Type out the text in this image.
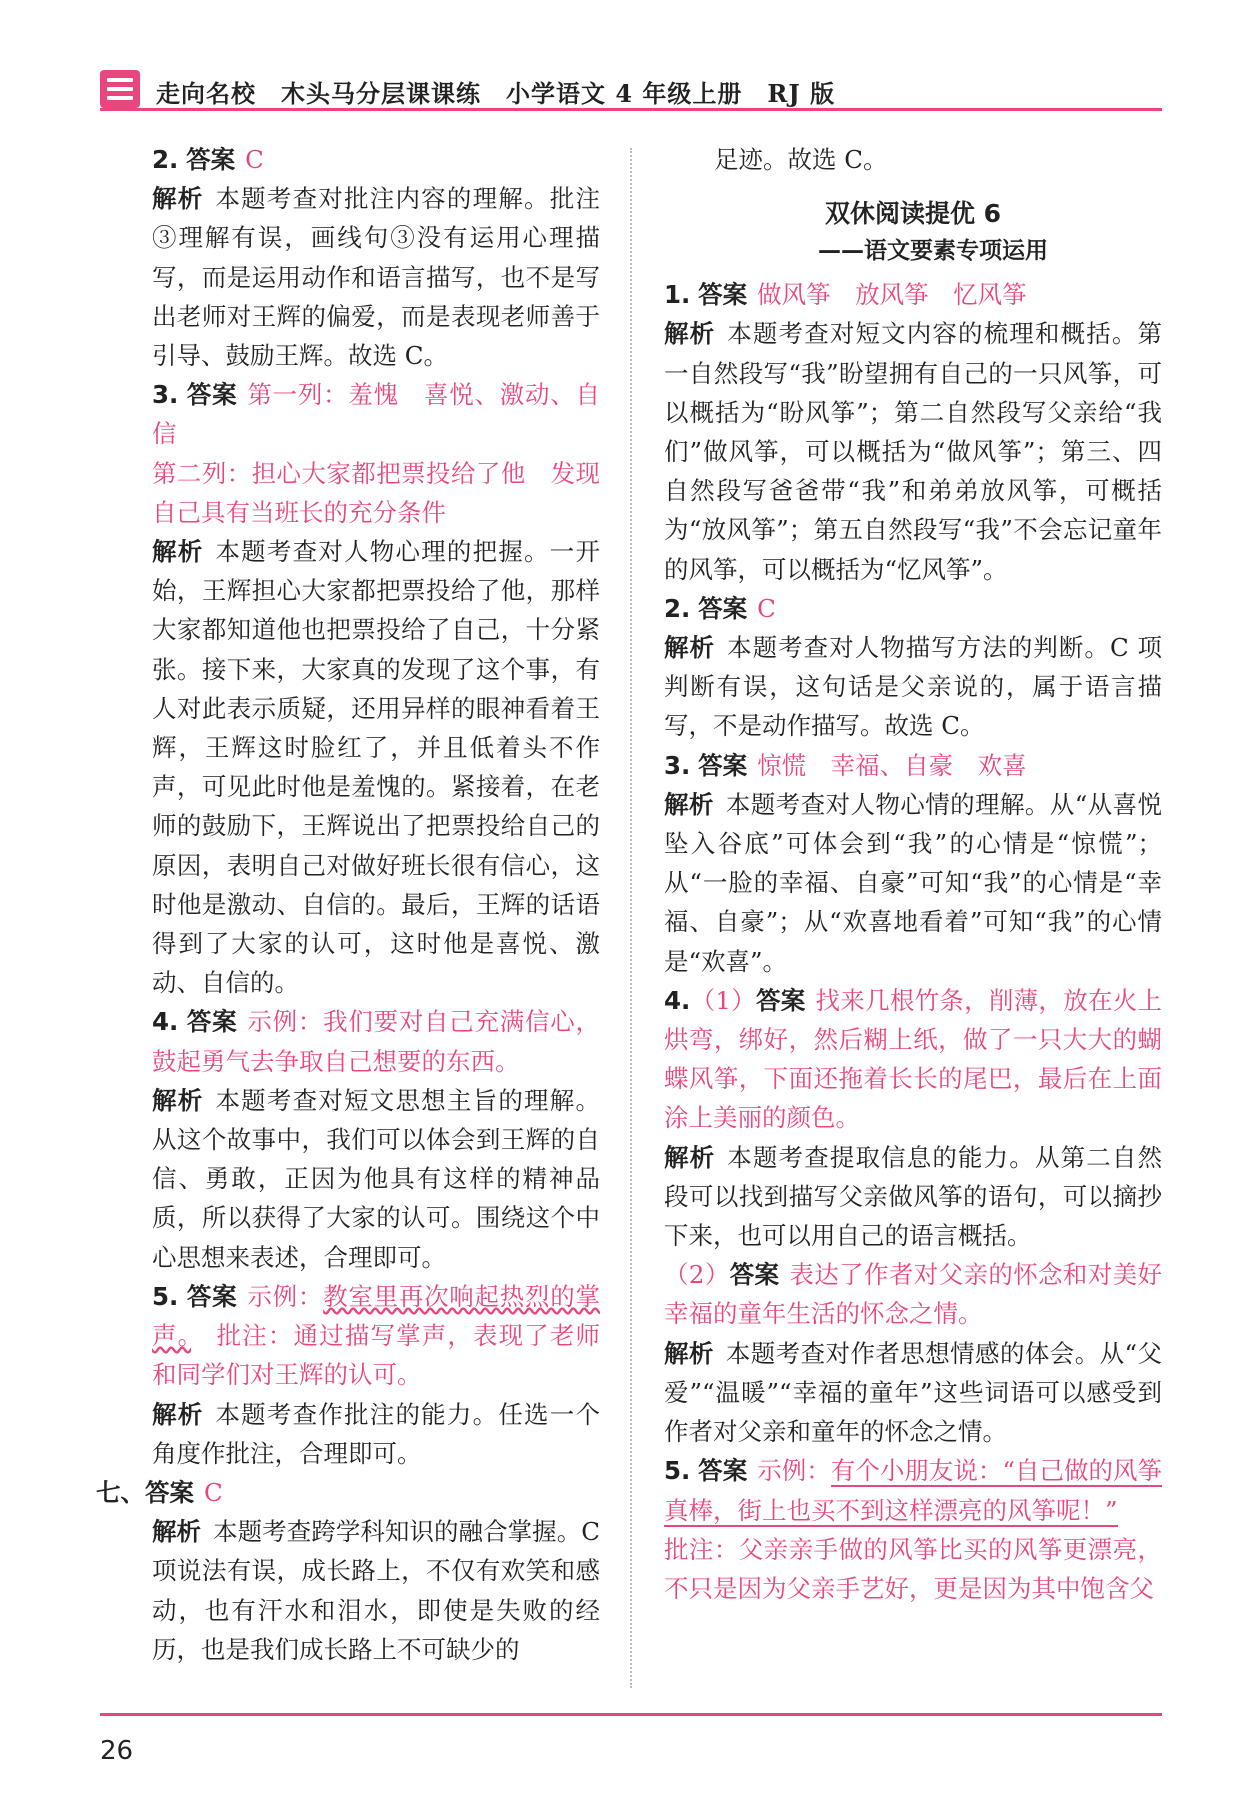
走向名校　木头马分层课课练　小学语文 4 年级上册　RJ 版

2. 答案 C

解析 本题考查对批注内容的理解。批注③理解有误，画线句③没有运用心理描写，而是运用动作和语言描写，也不是写出老师对王辉的偏爱，而是表现老师善于引导、鼓励王辉。故选 C。

3. 答案 第一列：羞愧　喜悦、激动、自信

第二列：担心大家都把票投给了他　发现自己具有当班长的充分条件

解析 本题考查对人物心理的把握。一开始，王辉担心大家都把票投给了他，那样大家都知道他也把票投给了自己，十分紧张。接下来，大家真的发现了这个事，有人对此表示质疑，还用异样的眼神看着王辉，王辉这时脸红了，并且低着头不作声，可见此时他是羞愧的。紧接着，在老师的鼓励下，王辉说出了把票投给自己的原因，表明自己对做好班长很有信心，这时他是激动、自信的。最后，王辉的话语得到了大家的认可，这时他是喜悦、激动、自信的。

4. 答案 示例：我们要对自己充满信心，鼓起勇气去争取自己想要的东西。

解析 本题考查对短文思想主旨的理解。从这个故事中，我们可以体会到王辉的自信、勇敢，正因为他具有这样的精神品质，所以获得了大家的认可。围绕这个中心思想来表述，合理即可。

5. 答案 示例：教室里再次响起热烈的掌声。　 批注：通过描写掌声，表现了老师和同学们对王辉的认可。

解析 本题考查作批注的能力。任选一个角度作批注，合理即可。

七、答案 C

解析 本题考查跨学科知识的融合掌握。C 项说法有误，成长路上，不仅有欢笑和感动，也有汗水和泪水，即使是失败的经历，也是我们成长路上不可缺少的

足迹。故选 C。

双休阅读提优 6
——语文要素专项运用

1. 答案 做风筝　放风筝　忆风筝

解析 本题考查对短文内容的梳理和概括。第一自然段写“我”盼望拥有自己的一只风筝，可以概括为“盼风筝”；第二自然段写父亲给“我们”做风筝，可以概括为“做风筝”；第三、四自然段写爸爸带“我”和弟弟放风筝，可概括为“放风筝”；第五自然段写“我”不会忘记童年的风筝，可以概括为“忆风筝”。

2. 答案 C

解析 本题考查对人物描写方法的判断。C 项判断有误，这句话是父亲说的，属于语言描写，不是动作描写。故选 C。

3. 答案 惊慌　幸福、自豪　欢喜

解析 本题考查对人物心情的理解。从“从喜悦坠入谷底”可体会到“我”的心情是“惊慌”；从“一脸的幸福、自豪”可知“我”的心情是“幸福、自豪”；从“欢喜地看着”可知“我”的心情是“欢喜”。

4.（1）答案 找来几根竹条，削薄，放在火上烘弯，绑好，然后糊上纸，做了一只大大的蝴蝶风筝，下面还拖着长长的尾巴，最后在上面涂上美丽的颜色。

解析 本题考查提取信息的能力。从第二自然段可以找到描写父亲做风筝的语句，可以摘抄下来，也可以用自己的语言概括。

（2）答案 表达了作者对父亲的怀念和对美好幸福的童年生活的怀念之情。

解析 本题考查对作者思想情感的体会。从“父爱”“温暖”“幸福的童年”这些词语可以感受到作者对父亲和童年的怀念之情。

5. 答案 示例：有个小朋友说：“自己做的风筝真棒，街上也买不到这样漂亮的风筝呢！”

批注：父亲亲手做的风筝比买的风筝更漂亮，不只是因为父亲手艺好，更是因为其中饱含父

26
